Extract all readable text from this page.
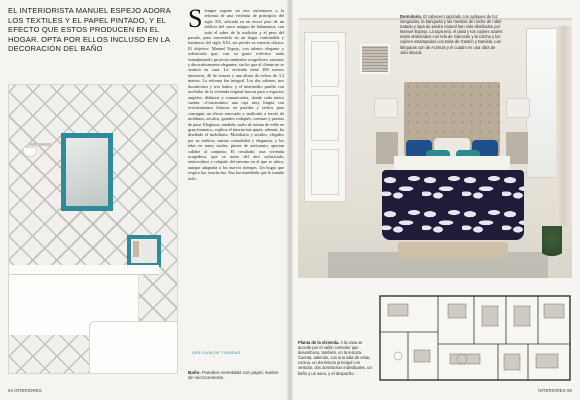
EL INTERIORISTA MANUEL ESPEJO ADORA LOS TEXTILES Y EL PAPEL PINTADO, Y EL EFECTO QUE ESTOS PRODUCEN EN EL HOGAR. OPTA POR ELLOS INCLUSO EN LA DECORACIÓN DEL BAÑO
S iempre supone un reto enfrentarse a la reforma de una vivienda de principios del siglo XX, ubicada en un tercer piso de un edificio del casco antiguo de Salamanca, con todo el saber de la tradición y el peso del pasado, para convertirlo en un hogar confortable y luminoso del siglo XXI, sin perder su esencia clásica. El objetivo: Manuel Espejo, con talento elegante y sofisticado que, con su gusto ecléctico nada estandarizado, proyecta ambientes acogedores, sensatos y decorativamente elegantes, sin los que el cliente no se sentiría en casa. La vivienda tiene 280 metros interiores, 40 de terraza y una altura de techos de 3,3 metros. La reforma fue integral. Los dos salones, tres dormitorios y tres baños, y el intermedio pasillo con recibidor de la vivienda original fueron paso a espacios amplios, diáfanos y comunicados, donde cada metro cuenta. «Construimos una caja muy limpia con revestimientos blancos en paredes y techos para conseguir un efecto renovado y unificado a través de molduras, zócalos, grandes rodapiés, cornisas y puertas de paso. Elegimos, también, suelo de tarima de roble en gran formato», explica el interiorista quien, además, ha diseñado el mobiliario. Mobiliario y textiles, elegidos por su estética, suman comodidad y elegancia, y las telas en tonos azules, piezas de anticuario, aportan calidez al conjunto. El resultado: una vivienda acogedora, que se nutre del aire sofisticado, aristocrático y relajado del entorno en el que se ubica, aunque adaptada a los nuevos tiempos. Un hogar que respira luz, mucha luz. Esa luz madrileña que lo inunda todo.
VER GUÍA DE TIENDAS
Baño. Paredes revestidas con papel, suelos de microcemento.
94 INTERIORES
Dormitorio. El cabecero tapizado con apliques de luz integrados, la banqueta y las mesitas de noche de roble tratado y lapa de piedra natural han sido diseñados por Manuel Espejo. La tapicería, el plaid y los cojines azules están elaborados con tela de Gancedo y la colcha y los cojines estampados con telas de Gastón y Daniela. Las lámparas son de Acimuts y el cuadro es una obra de Julio Bauzá.
Planta de la vivienda. A la casa se accede por el salón comedor que desemboca, también, en la terraza. Cuenta, además, con una sala de estar, cocina, un dormitorio principal con vestidor, dos dormitorios individuales, un baño y un aseo, y el despacho.
INTERIORES 95
